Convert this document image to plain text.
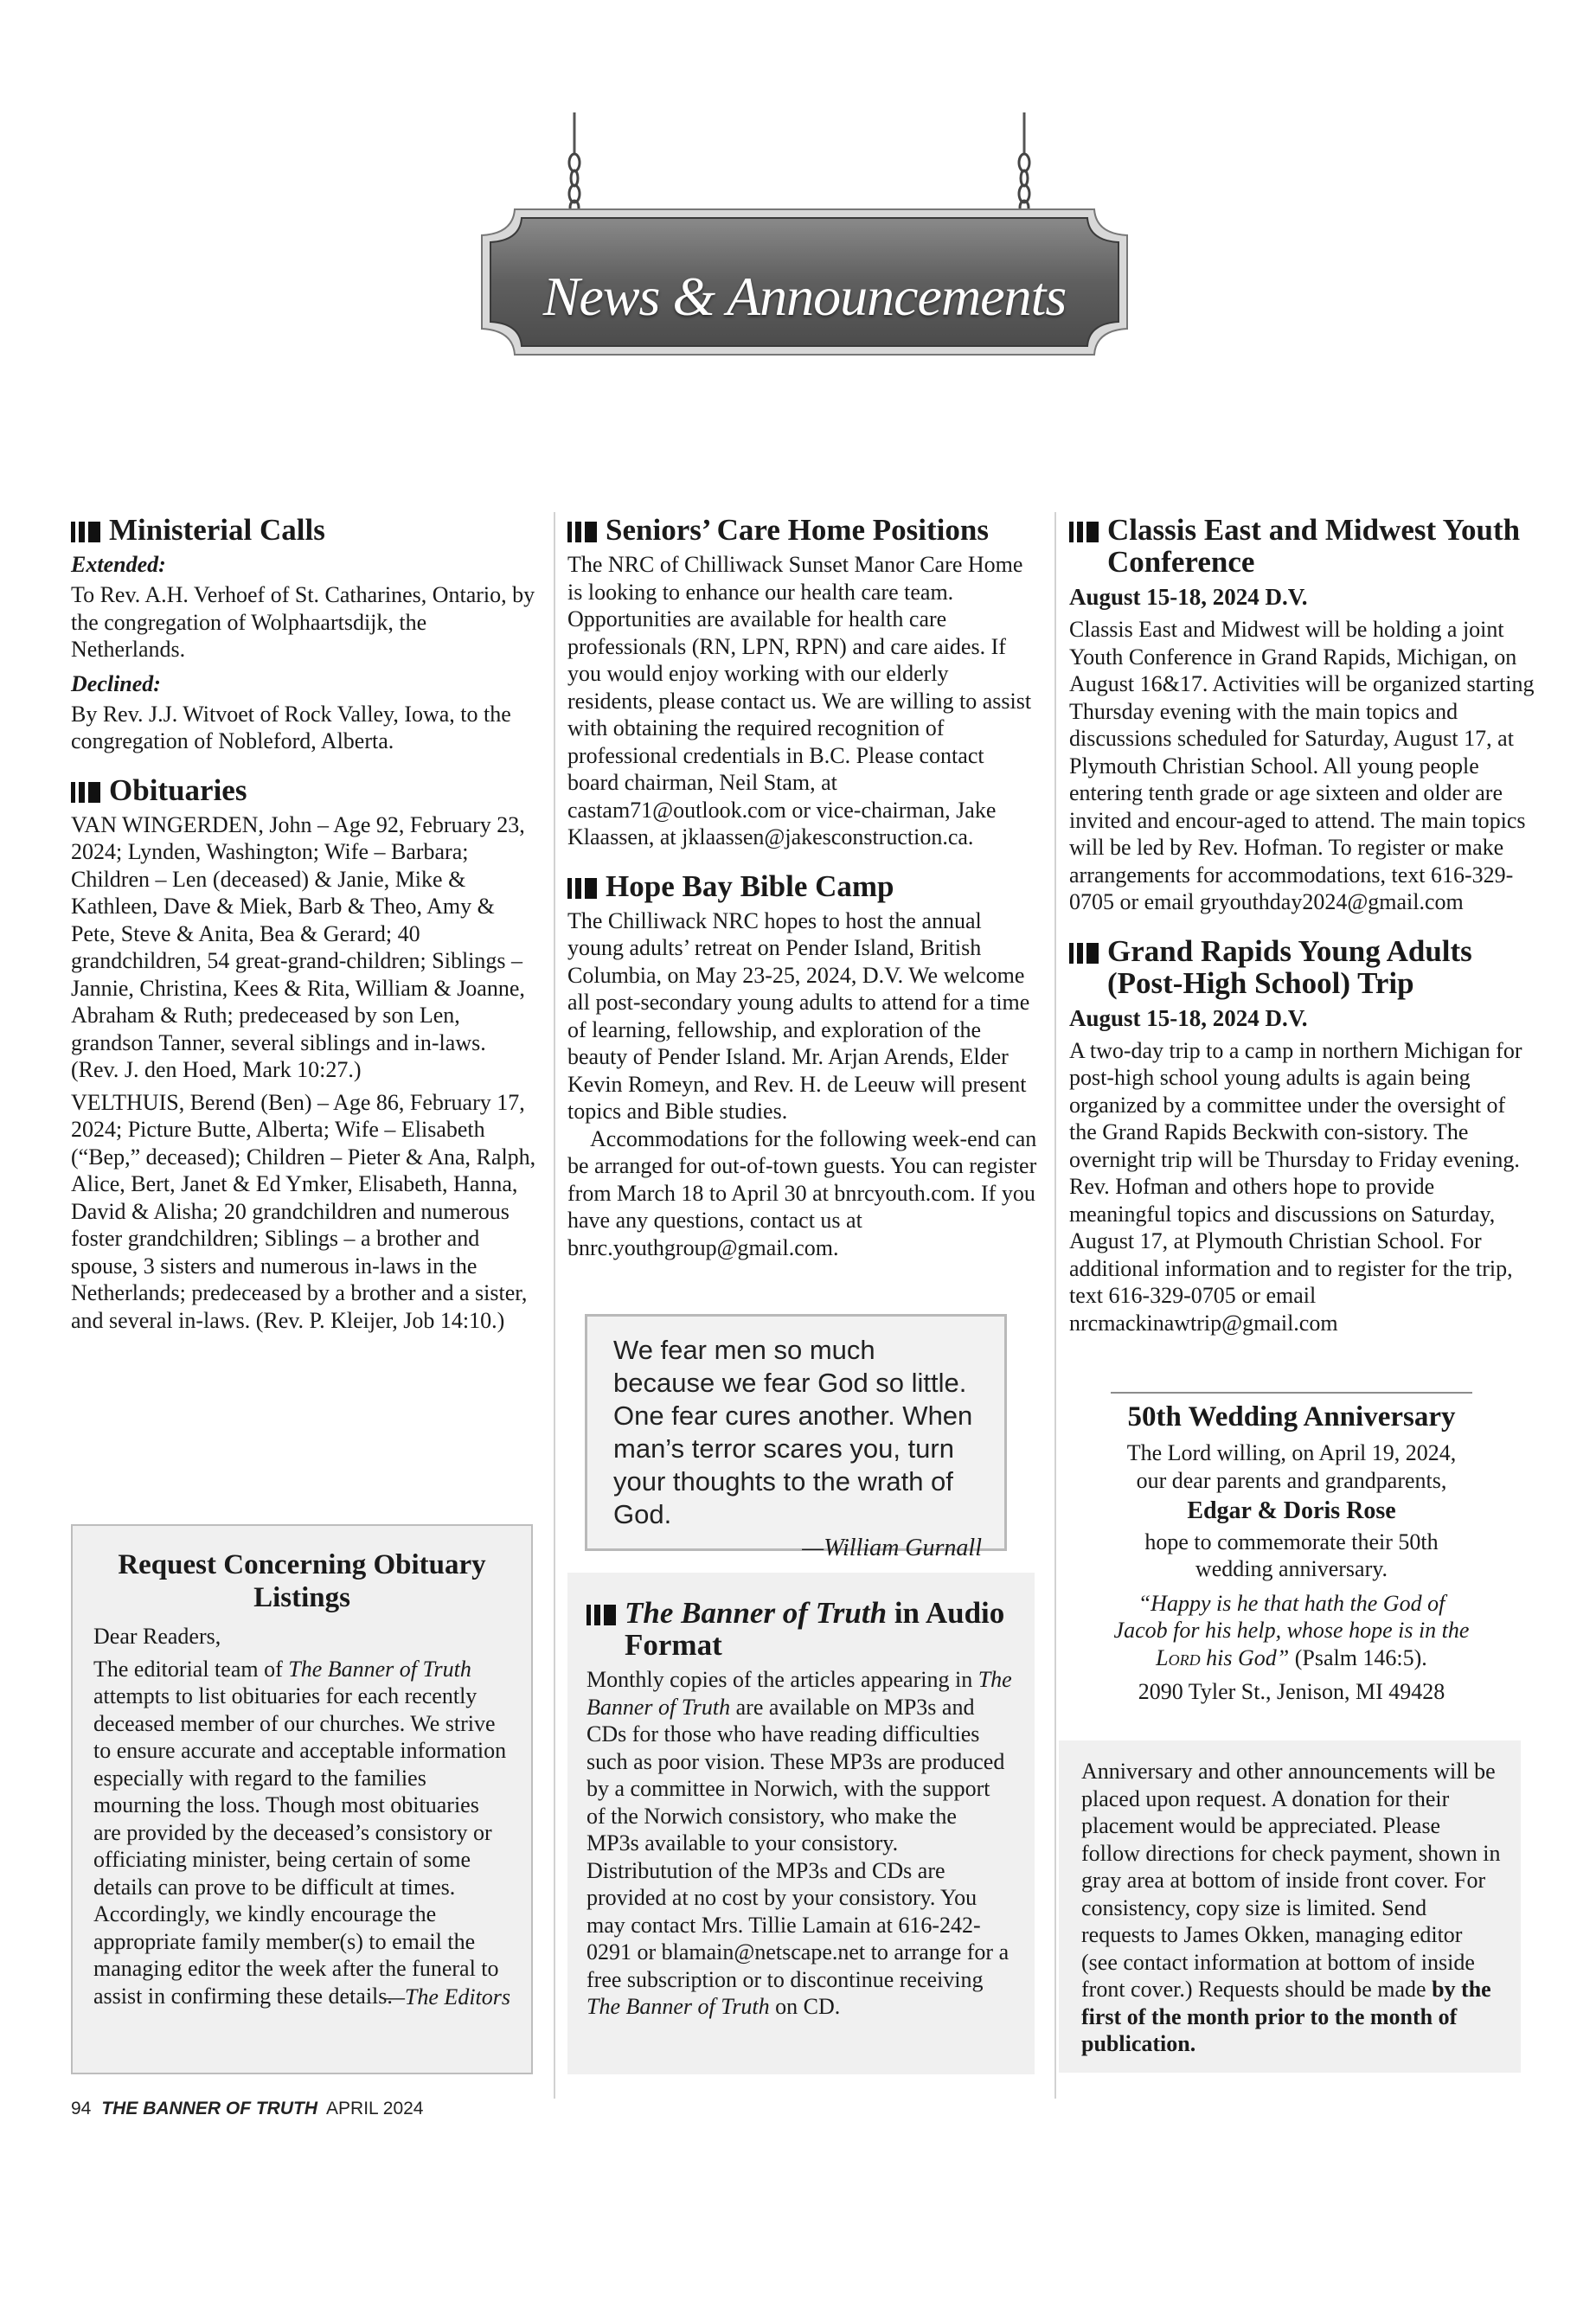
News & Announcements
Ministerial Calls
Extended:
To Rev. A.H. Verhoef of St. Catharines, Ontario, by the congregation of Wolphaartsdijk, the Netherlands.
Declined:
By Rev. J.J. Witvoet of Rock Valley, Iowa, to the congregation of Nobleford, Alberta.
Obituaries
VAN WINGERDEN, John – Age 92, February 23, 2024; Lynden, Washington; Wife – Barbara; Children – Len (deceased) & Janie, Mike & Kathleen, Dave & Miek, Barb & Theo, Amy & Pete, Steve & Anita, Bea & Gerard; 40 grandchildren, 54 great-grand-children; Siblings – Jannie, Christina, Kees & Rita, William & Joanne, Abraham & Ruth; predeceased by son Len, grandson Tanner, several siblings and in-laws. (Rev. J. den Hoed, Mark 10:27.)
VELTHUIS, Berend (Ben) – Age 86, February 17, 2024; Picture Butte, Alberta; Wife – Elisabeth (“Bep,” deceased); Children – Pieter & Ana, Ralph, Alice, Bert, Janet & Ed Ymker, Elisabeth, Hanna, David & Alisha; 20 grandchildren and numerous foster grandchildren; Siblings – a brother and spouse, 3 sisters and numerous in-laws in the Netherlands; predeceased by a brother and a sister, and several in-laws. (Rev. P. Kleijer, Job 14:10.)
Request Concerning Obituary Listings
Dear Readers,
The editorial team of The Banner of Truth attempts to list obituaries for each recently deceased member of our churches. We strive to ensure accurate and acceptable information especially with regard to the families mourning the loss. Though most obituaries are provided by the deceased’s consistory or officiating minister, being certain of some details can prove to be difficult at times. Accordingly, we kindly encourage the appropriate family member(s) to email the managing editor the week after the funeral to assist in confirming these details.
—The Editors
Seniors’ Care Home Positions
The NRC of Chilliwack Sunset Manor Care Home is looking to enhance our health care team. Opportunities are available for health care professionals (RN, LPN, RPN) and care aides. If you would enjoy working with our elderly residents, please contact us. We are willing to assist with obtaining the required recognition of professional credentials in B.C. Please contact board chairman, Neil Stam, at castam71@outlook.com or vice-chairman, Jake Klaassen, at jklaassen@jakesconstruction.ca.
Hope Bay Bible Camp
The Chilliwack NRC hopes to host the annual young adults’ retreat on Pender Island, British Columbia, on May 23-25, 2024, D.V. We welcome all post-secondary young adults to attend for a time of learning, fellowship, and exploration of the beauty of Pender Island. Mr. Arjan Arends, Elder Kevin Romeyn, and Rev. H. de Leeuw will present topics and Bible studies.
Accommodations for the following week-end can be arranged for out-of-town guests. You can register from March 18 to April 30 at bnrcyouth.com. If you have any questions, contact us at bnrc.youthgroup@gmail.com.
We fear men so much because we fear God so little. One fear cures another. When man’s terror scares you, turn your thoughts to the wrath of God.
—William Gurnall
The Banner of Truth in Audio Format
Monthly copies of the articles appearing in The Banner of Truth are available on MP3s and CDs for those who have reading difficulties such as poor vision. These MP3s are produced by a committee in Norwich, with the support of the Norwich consistory, who make the MP3s available to your consistory. Distributution of the MP3s and CDs are provided at no cost by your consistory. You may contact Mrs. Tillie Lamain at 616-242-0291 or blamain@netscape.net to arrange for a free subscription or to discontinue receiving The Banner of Truth on CD.
Classis East and Midwest Youth Conference
August 15-18, 2024 D.V.
Classis East and Midwest will be holding a joint Youth Conference in Grand Rapids, Michigan, on August 16&17. Activities will be organized starting Thursday evening with the main topics and discussions scheduled for Saturday, August 17, at Plymouth Christian School. All young people entering tenth grade or age sixteen and older are invited and encour-aged to attend. The main topics will be led by Rev. Hofman. To register or make arrangements for accommodations, text 616-329-0705 or email gryouthday2024@gmail.com
Grand Rapids Young Adults (Post-High School) Trip
August 15-18, 2024 D.V.
A two-day trip to a camp in northern Michigan for post-high school young adults is again being organized by a committee under the oversight of the Grand Rapids Beckwith con-sistory. The overnight trip will be Thursday to Friday evening. Rev. Hofman and others hope to provide meaningful topics and discussions on Saturday, August 17, at Plymouth Christian School. For additional information and to register for the trip, text 616-329-0705 or email nrcmackinawtrip@gmail.com
50th Wedding Anniversary
The Lord willing, on April 19, 2024, our dear parents and grandparents,
Edgar & Doris Rose
hope to commemorate their 50th wedding anniversary.
“Happy is he that hath the God of Jacob for his help, whose hope is in the Lord his God” (Psalm 146:5).
2090 Tyler St., Jenison, MI 49428
Anniversary and other announcements will be placed upon request. A donation for their placement would be appreciated. Please follow directions for check payment, shown in gray area at bottom of inside front cover. For consistency, copy size is limited. Send requests to James Okken, managing editor (see contact information at bottom of inside front cover.) Requests should be made by the first of the month prior to the month of publication.
94 THE BANNER OF TRUTH APRIL 2024
